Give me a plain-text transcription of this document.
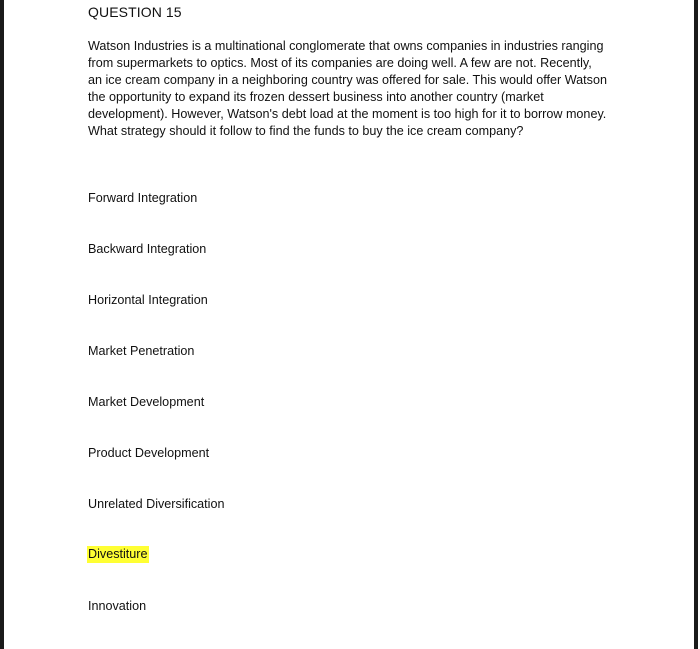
QUESTION 15

Watson Industries is a multinational conglomerate that owns companies in industries ranging from supermarkets to optics. Most of its companies are doing well. A few are not. Recently, an ice cream company in a neighboring country was offered for sale. This would offer Watson the opportunity to expand its frozen dessert business into another country (market development). However, Watson's debt load at the moment is too high for it to borrow money. What strategy should it follow to find the funds to buy the ice cream company?

Forward Integration
Backward Integration
Horizontal Integration
Market Penetration
Market Development
Product Development
Unrelated Diversification
Divestiture
Innovation
